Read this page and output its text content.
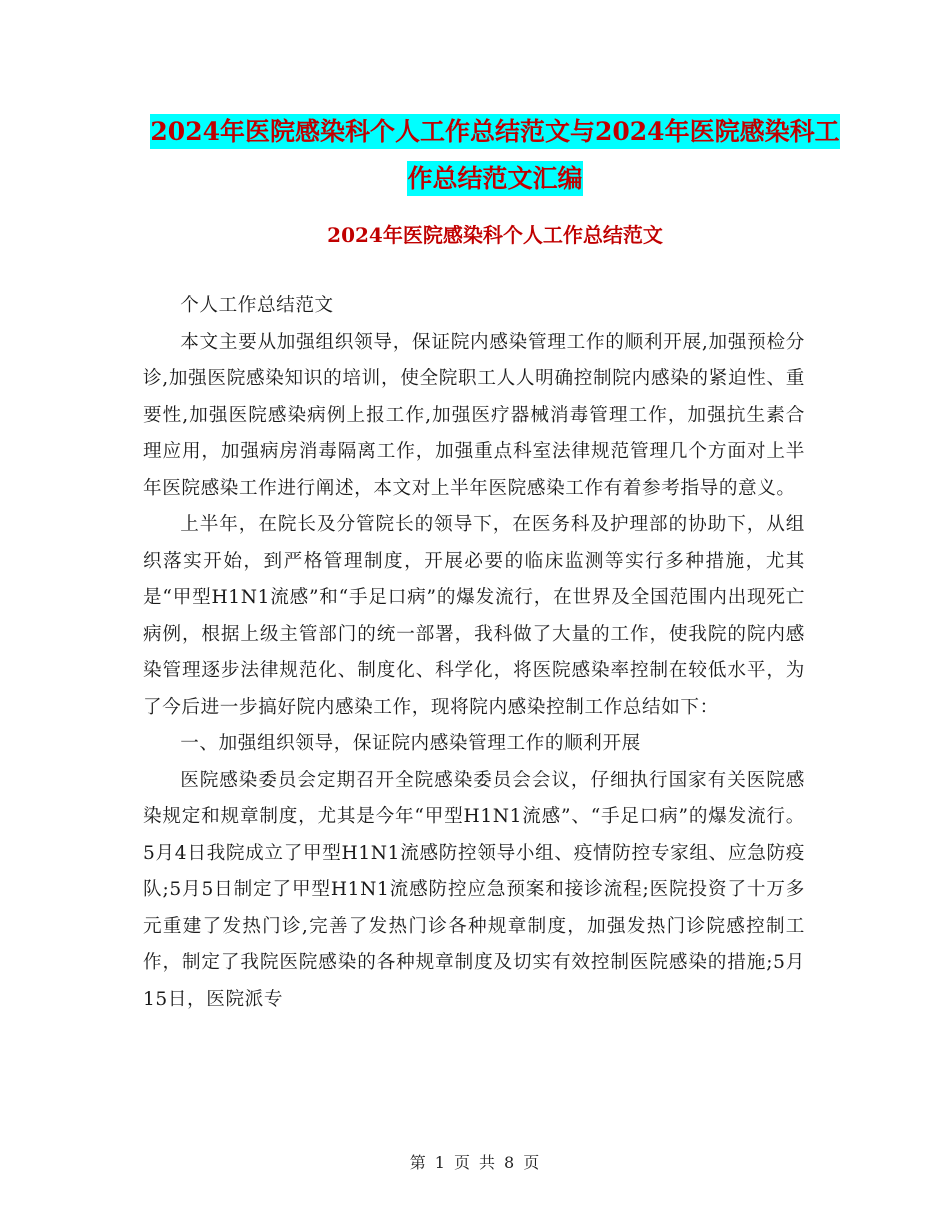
2024年医院感染科个人工作总结范文与2024年医院感染科工作总结范文汇编
2024年医院感染科个人工作总结范文

个人工作总结范文

本文主要从加强组织领导，保证院内感染管理工作的顺利开展,加强预检分诊,加强医院感染知识的培训，使全院职工人人明确控制院内感染的紧迫性、重要性,加强医院感染病例上报工作,加强医疗器械消毒管理工作，加强抗生素合理应用，加强病房消毒隔离工作，加强重点科室法律规范管理几个方面对上半年医院感染工作进行阐述，本文对上半年医院感染工作有着参考指导的意义。

上半年，在院长及分管院长的领导下，在医务科及护理部的协助下，从组织落实开始，到严格管理制度，开展必要的临床监测等实行多种措施，尤其是“甲型H1N1流感”和“手足口病”的爆发流行，在世界及全国范围内出现死亡病例，根据上级主管部门的统一部署，我科做了大量的工作，使我院的院内感染管理逐步法律规范化、制度化、科学化，将医院感染率控制在较低水平，为了今后进一步搞好院内感染工作，现将院内感染控制工作总结如下：

一、加强组织领导，保证院内感染管理工作的顺利开展

医院感染委员会定期召开全院感染委员会会议，仔细执行国家有关医院感染规定和规章制度，尤其是今年“甲型H1N1流感”、“手足口病”的爆发流行。5月4日我院成立了甲型H1N1流感防控领导小组、疫情防控专家组、应急防疫队;5月5日制定了甲型H1N1流感防控应急预案和接诊流程;医院投资了十万多元重建了发热门诊,完善了发热门诊各种规章制度，加强发热门诊院感控制工作，制定了我院医院感染的各种规章制度及切实有效控制医院感染的措施;5月15日，医院派专

第 1 页 共 8 页
